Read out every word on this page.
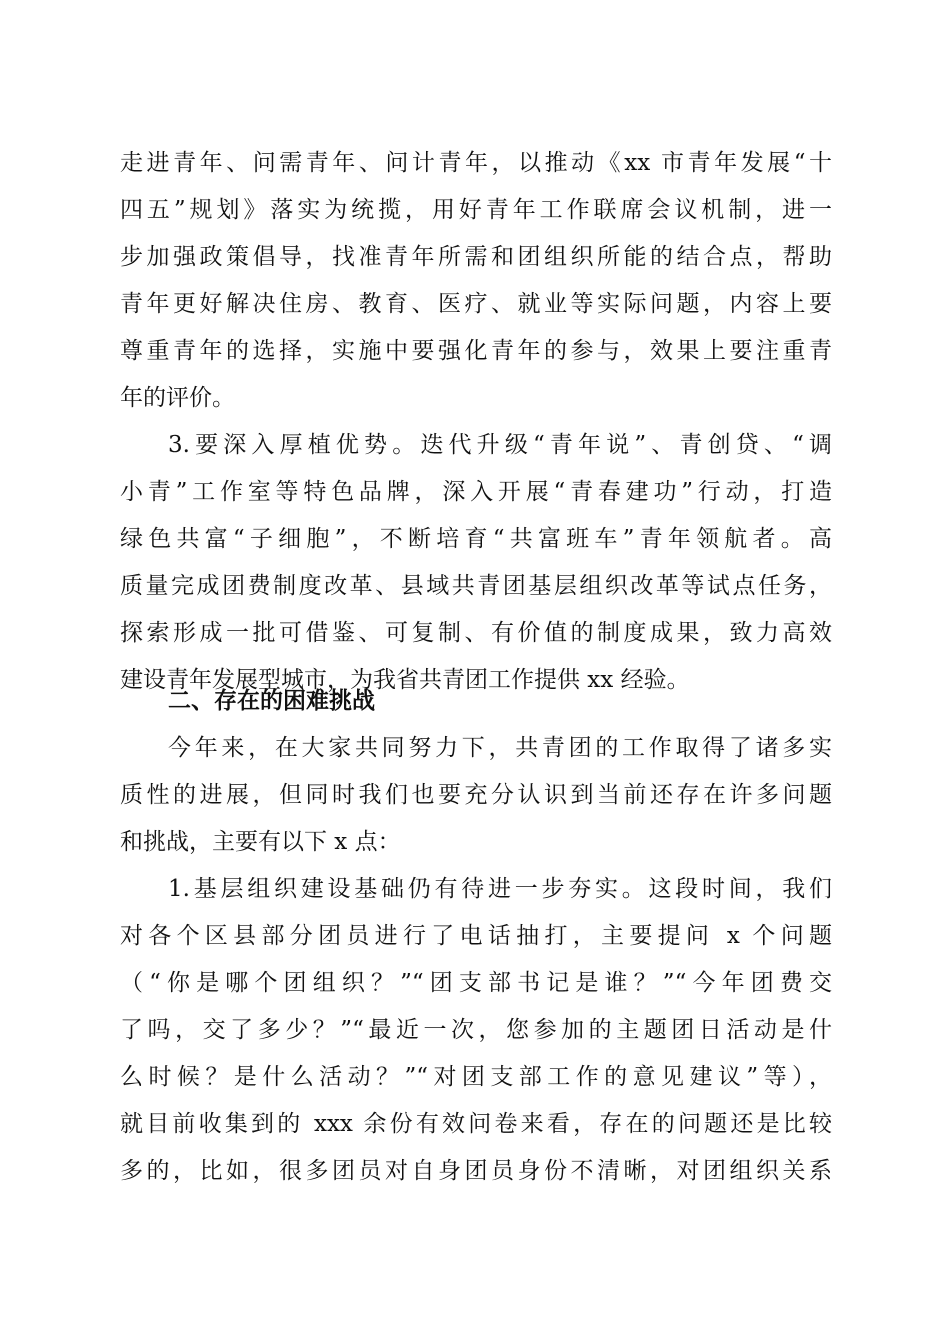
走进青年、问需青年、问计青年，以推动《xx 市青年发展“十
四五”规划》落实为统揽，用好青年工作联席会议机制，进一
步加强政策倡导，找准青年所需和团组织所能的结合点，帮助
青年更好解决住房、教育、医疗、就业等实际问题，内容上要
尊重青年的选择，实施中要强化青年的参与，效果上要注重青
年的评价。
3.要深入厚植优势。迭代升级“青年说”、青创贷、“调
小青”工作室等特色品牌，深入开展“青春建功”行动，打造
绿色共富“子细胞”，不断培育“共富班车”青年领航者。高
质量完成团费制度改革、县域共青团基层组织改革等试点任务，
探索形成一批可借鉴、可复制、有价值的制度成果，致力高效
建设青年发展型城市，为我省共青团工作提供 xx 经验。
二、存在的困难挑战
今年来，在大家共同努力下，共青团的工作取得了诸多实
质性的进展，但同时我们也要充分认识到当前还存在许多问题
和挑战，主要有以下 x 点：
1.基层组织建设基础仍有待进一步夯实。这段时间，我们
对各个区县部分团员进行了电话抽打，主要提问 x 个问题
（“你是哪个团组织？”“团支部书记是谁？”“今年团费交
了吗，交了多少？”“最近一次，您参加的主题团日活动是什
么时候？是什么活动？”“对团支部工作的意见建议”等），
就目前收集到的 xxx 余份有效问卷来看，存在的问题还是比较
多的，比如，很多团员对自身团员身份不清晰，对团组织关系
